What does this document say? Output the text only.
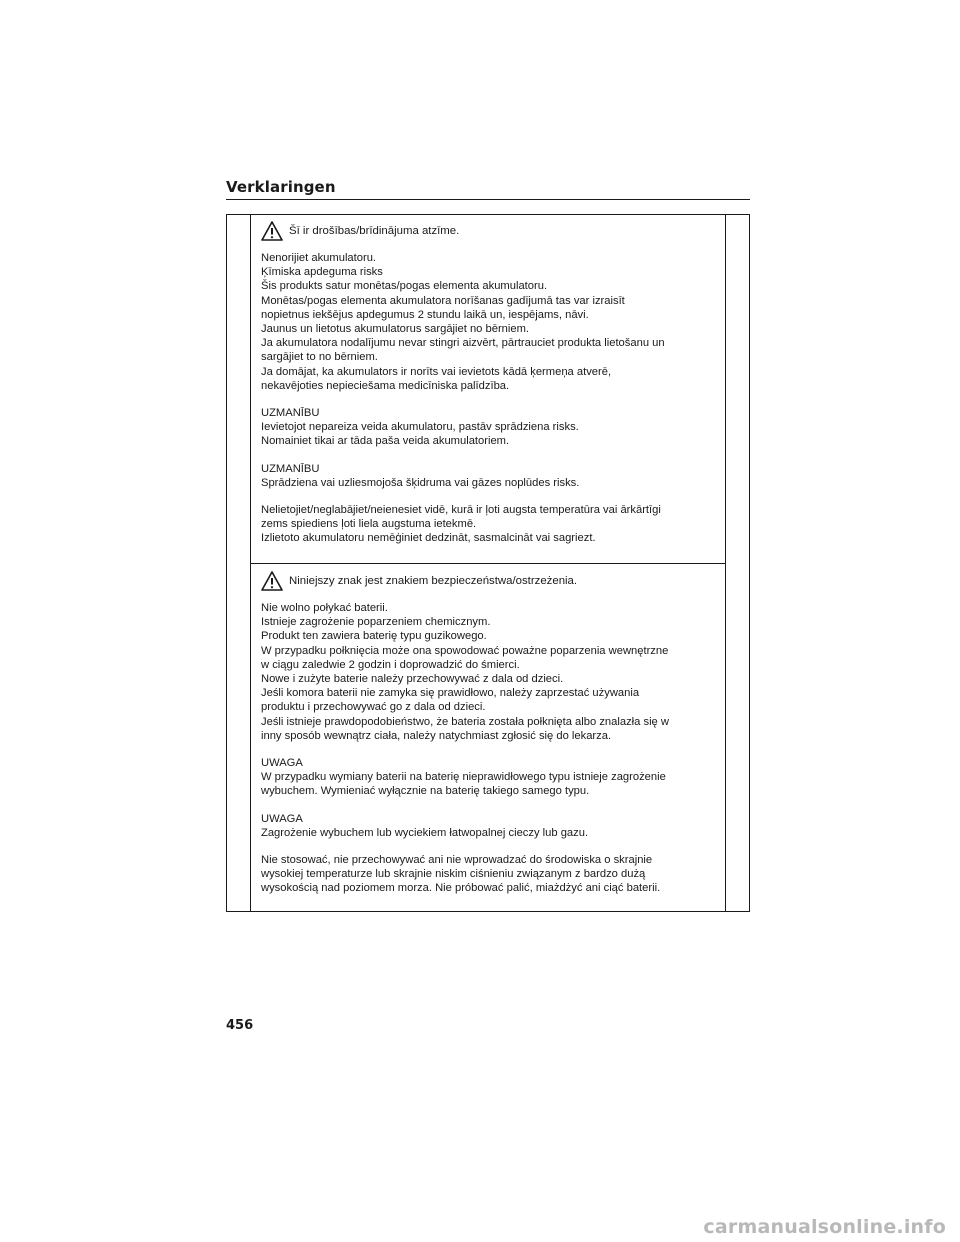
Verklaringen
Šī ir drošības/brīdinājuma atzīme.
Nenorijiet akumulatoru.
Ķīmiska apdeguma risks
Šis produkts satur monētas/pogas elementa akumulatoru.
Monētas/pogas elementa akumulatora norīšanas gadījumā tas var izraisīt
nopietnus iekšējus apdegumus 2 stundu laikā un, iespējams, nāvi.
Jaunus un lietotus akumulatorus sargājiet no bērniem.
Ja akumulatora nodalījumu nevar stingri aizvērt, pārtrauciet produkta lietošanu un
sargājiet to no bērniem.
Ja domājat, ka akumulators ir norīts vai ievietots kādā ķermeņa atverē,
nekavējoties nepieciešama medicīniska palīdzība.
UZMANĪBU
Ievietojot nepareiza veida akumulatoru, pastāv sprādziena risks.
Nomainiet tikai ar tāda paša veida akumulatoriem.
UZMANĪBU
Sprādziena vai uzliesmojoša šķidruma vai gāzes noplūdes risks.
Nelietojiet/neglabājiet/neienesiet vidē, kurā ir ļoti augsta temperatūra vai ārkārtīgi
zems spiediens ļoti liela augstuma ietekmē.
Izlietoto akumulatoru nemēģiniet dedzināt, sasmalcināt vai sagriezt.
Niniejszy znak jest znakiem bezpieczeństwa/ostrzeżenia.
Nie wolno połykać baterii.
Istnieje zagrożenie poparzeniem chemicznym.
Produkt ten zawiera baterię typu guzikowego.
W przypadku połknięcia może ona spowodować poważne poparzenia wewnętrzne
w ciągu zaledwie 2 godzin i doprowadzić do śmierci.
Nowe i zużyte baterie należy przechowywać z dala od dzieci.
Jeśli komora baterii nie zamyka się prawidłowo, należy zaprzestać używania
produktu i przechowywać go z dala od dzieci.
Jeśli istnieje prawdopodobieństwo, że bateria została połknięta albo znalazła się w
inny sposób wewnątrz ciała, należy natychmiast zgłosić się do lekarza.
UWAGA
W przypadku wymiany baterii na baterię nieprawidłowego typu istnieje zagrożenie
wybuchem. Wymieniać wyłącznie na baterię takiego samego typu.
UWAGA
Zagrożenie wybuchem lub wyciekiem łatwopalnej cieczy lub gazu.
Nie stosować, nie przechowywać ani nie wprowadzać do środowiska o skrajnie
wysokiej temperaturze lub skrajnie niskim ciśnieniu związanym z bardzo dużą
wysokością nad poziomem morza. Nie próbować palić, miażdżyć ani ciąć baterii.
456
carmanualsonline.info
